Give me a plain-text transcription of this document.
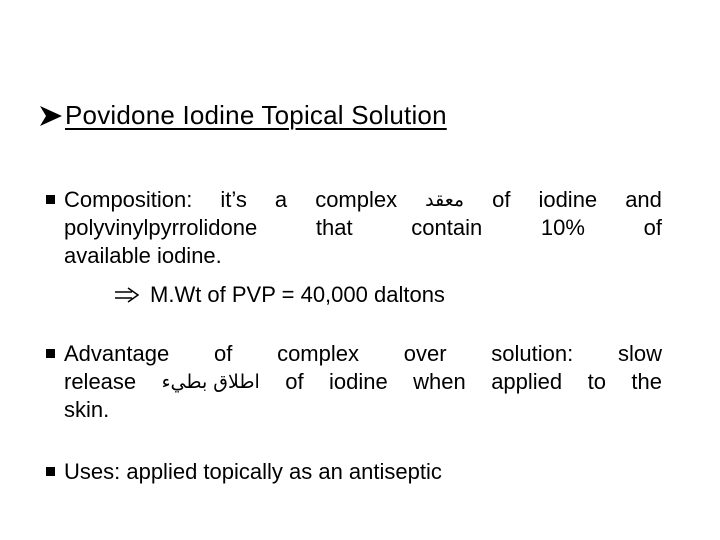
Povidone Iodine Topical Solution
Composition: it’s a complex معقد of iodine and
polyvinylpyrrolidone	that	contain	10%	of
available iodine.
M.Wt of PVP = 40,000 daltons
Advantage of complex over solution: slow
release اطلاق بطيء of iodine when applied to the
skin.
Uses: applied topically as an antiseptic
